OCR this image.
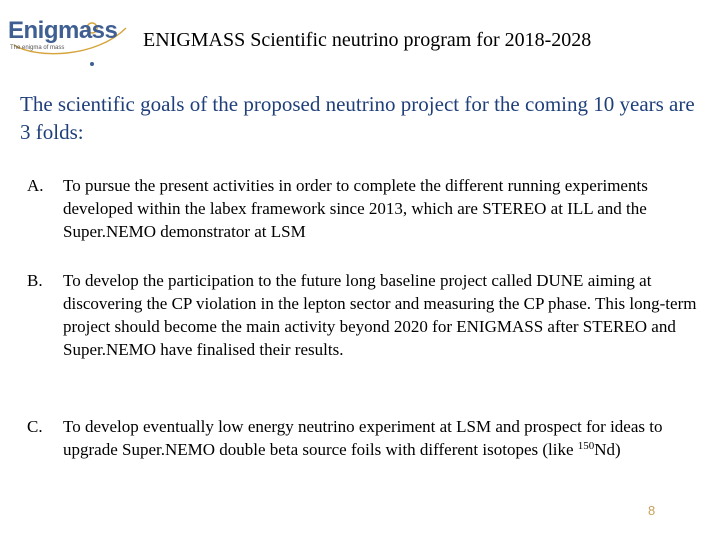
Enigmass
The enigma of mass	ENIGMASS Scientific neutrino program for 2018-2028
The scientific goals of the proposed neutrino project for the coming 10 years are 3 folds:
A. To pursue the present activities in order to complete the different running experiments developed within the labex framework since 2013, which are STEREO at ILL and the Super.NEMO demonstrator at LSM
B. To develop the participation to the future long baseline project called DUNE aiming at discovering the CP violation in the lepton sector and measuring the CP phase. This long-term project should become the main activity beyond 2020 for ENIGMASS after STEREO and Super.NEMO have finalised their results.
C. To develop eventually low energy neutrino experiment at LSM and prospect for ideas to upgrade Super.NEMO double beta source foils with different isotopes (like $^{150}$Nd)
8
